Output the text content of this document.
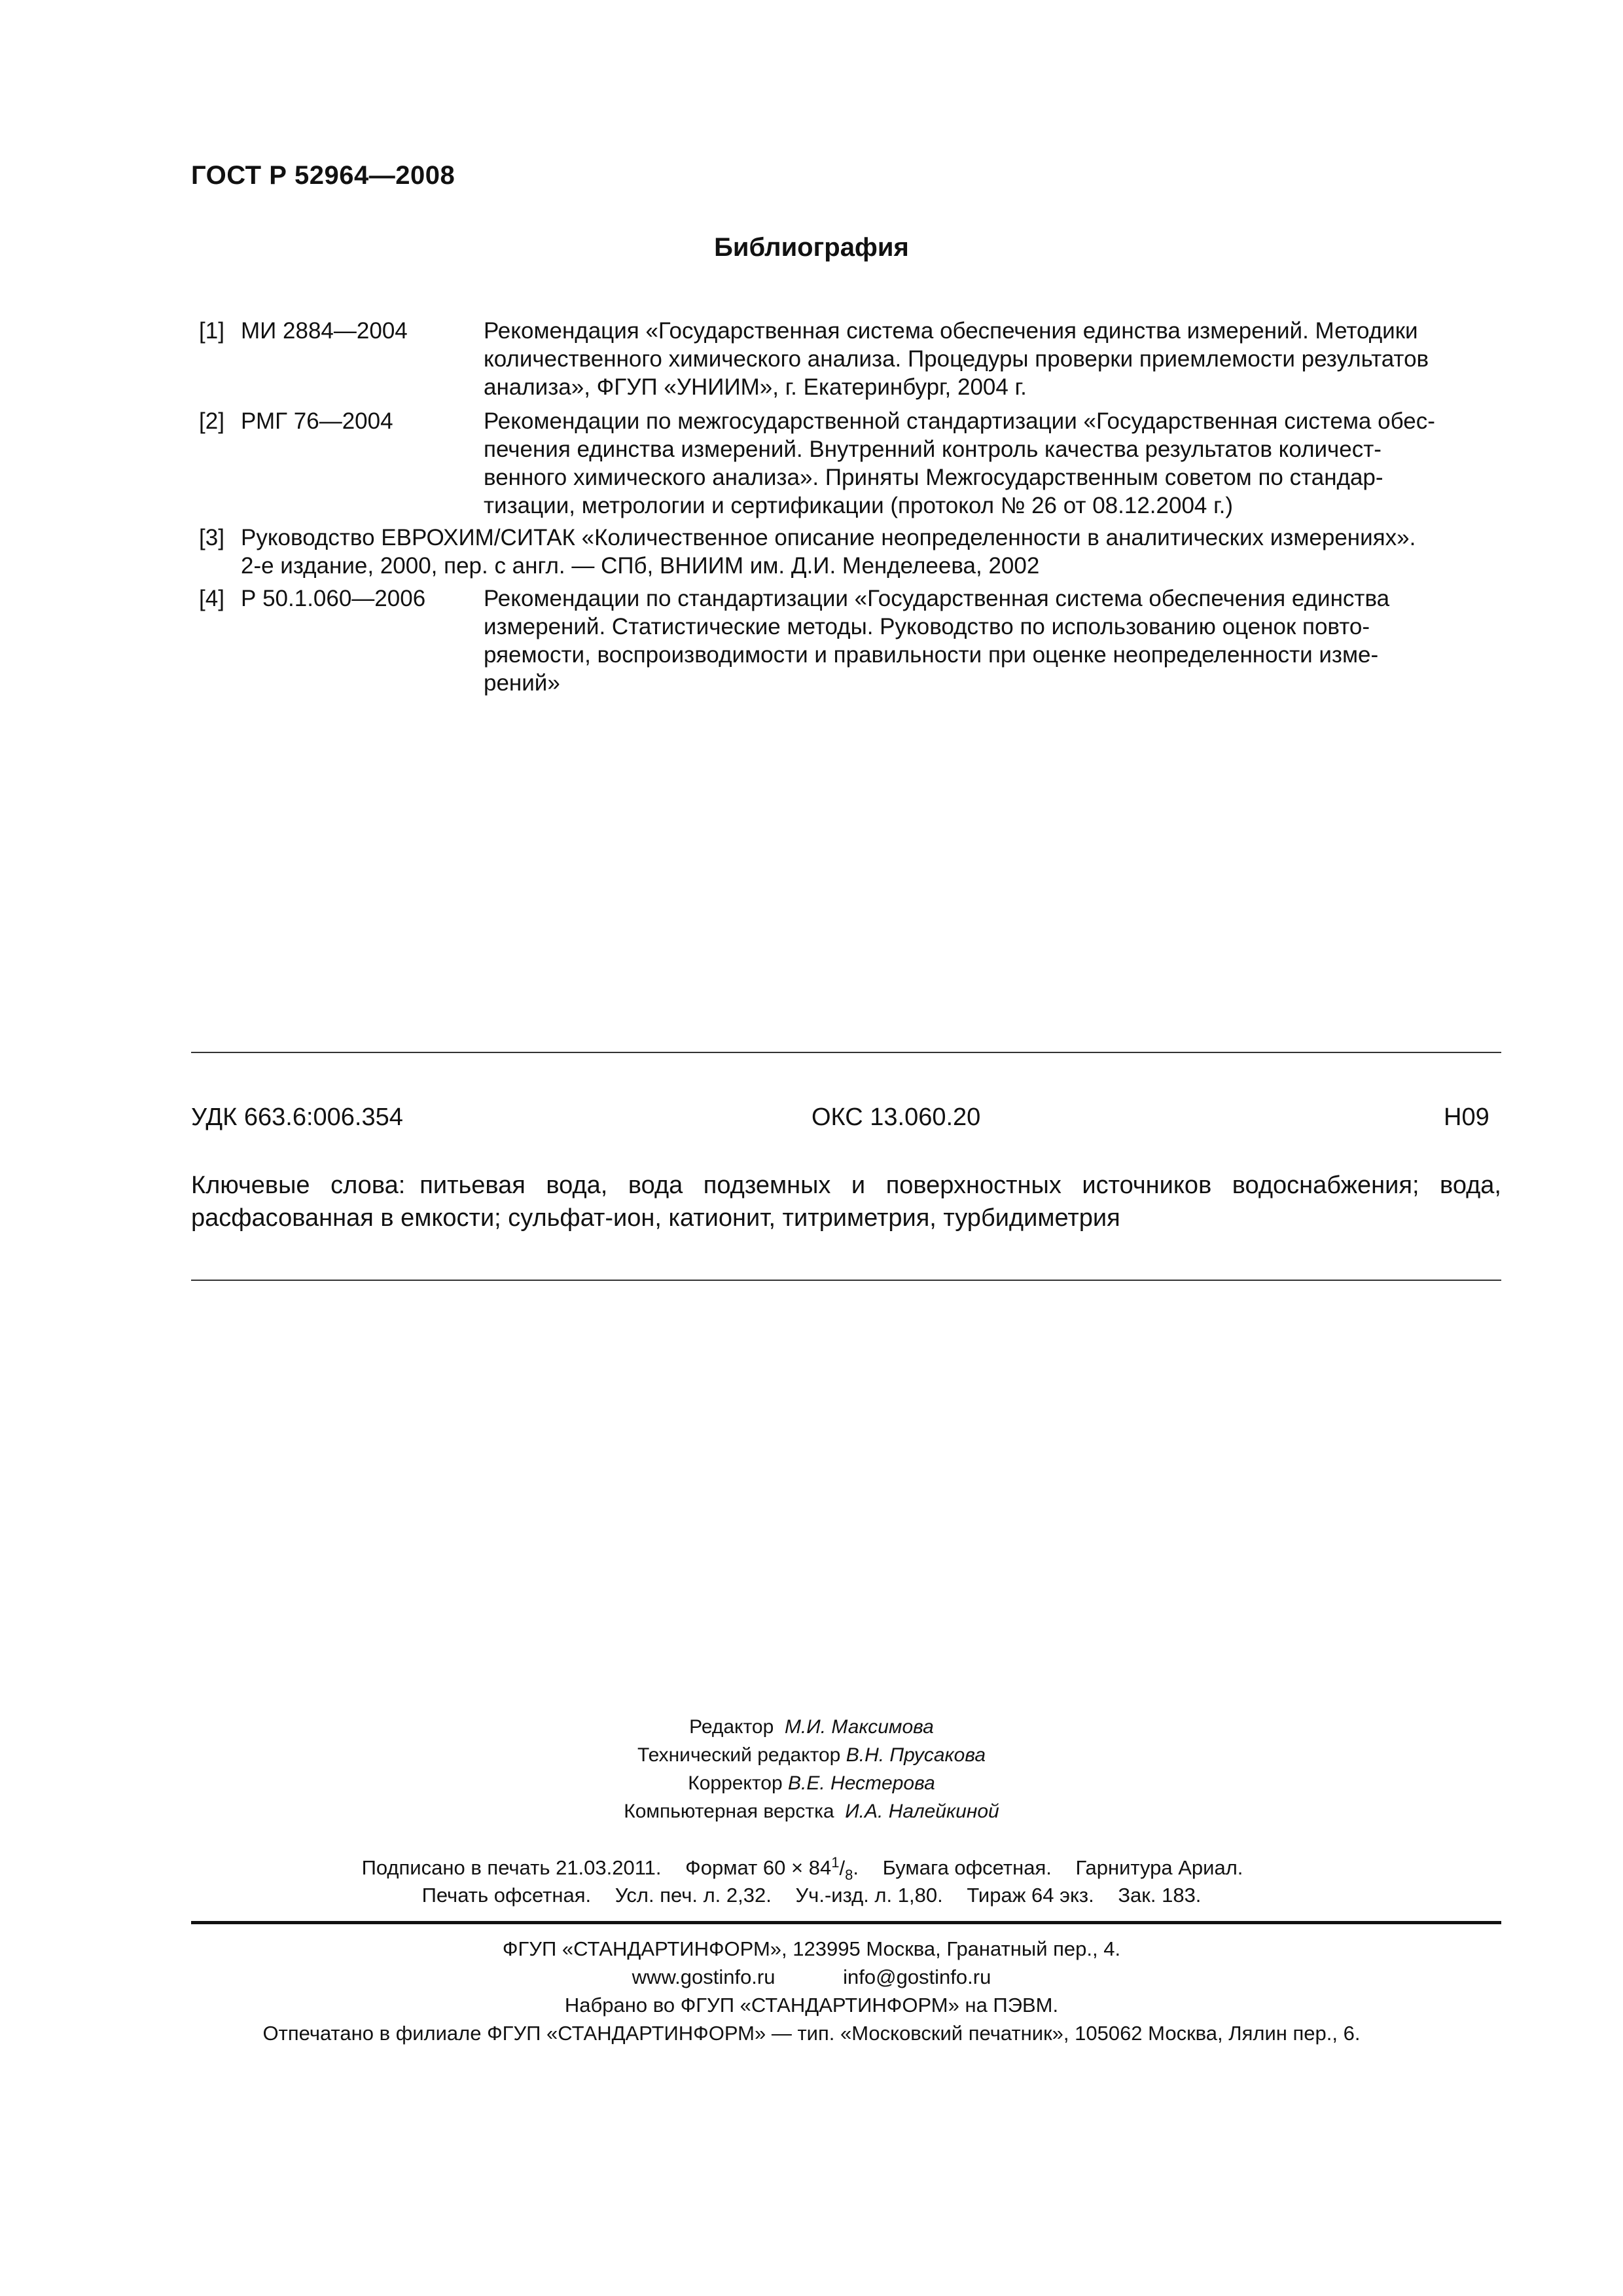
ГОСТ Р 52964—2008
Библиография
[1] МИ 2884—2004	Рекомендация «Государственная система обеспечения единства измерений. Методики
количественного химического анализа. Процедуры проверки приемлемости результатов
анализа», ФГУП «УНИИМ», г. Екатеринбург, 2004 г.
[2] РМГ 76—2004	Рекомендации по межгосударственной стандартизации «Государственная система обес-
печения единства измерений. Внутренний контроль качества результатов количест-
венного химического анализа». Приняты Межгосударственным советом по стандар-
тизации, метрологии и сертификации (протокол № 26 от 08.12.2004 г.)
[3] Руководство ЕВРОХИМ/СИТАК «Количественное описание неопределенности в аналитических измерениях».
2-е издание, 2000, пер. с англ. — СПб, ВНИИМ им. Д.И. Менделеева, 2002
[4] Р 50.1.060—2006	Рекомендации по стандартизации «Государственная система обеспечения единства
измерений. Статистические методы. Руководство по использованию оценок повто-
ряемости, воспроизводимости и правильности при оценке неопределенности изме-
рений»
УДК 663.6:006.354	ОКС 13.060.20	Н09
Ключевые слова: питьевая вода, вода подземных и поверхностных источников водоснабжения; вода,
расфасованная в емкости; сульфат-ион, катионит, титриметрия, турбидиметрия
Редактор М.И. Максимова
Технический редактор В.Н. Прусакова
Корректор В.Е. Нестерова
Компьютерная верстка И.А. Налейкиной
Подписано в печать 21.03.2011. Формат 60 × 841/8. Бумага офсетная. Гарнитура Ариал.
Печать офсетная. Усл. печ. л. 2,32. Уч.-изд. л. 1,80. Тираж 64 экз. Зак. 183.
ФГУП «СТАНДАРТИНФОРМ», 123995 Москва, Гранатный пер., 4.
www.gostinfo.ru	info@gostinfo.ru
Набрано во ФГУП «СТАНДАРТИНФОРМ» на ПЭВМ.
Отпечатано в филиале ФГУП «СТАНДАРТИНФОРМ» — тип. «Московский печатник», 105062 Москва, Лялин пер., 6.
